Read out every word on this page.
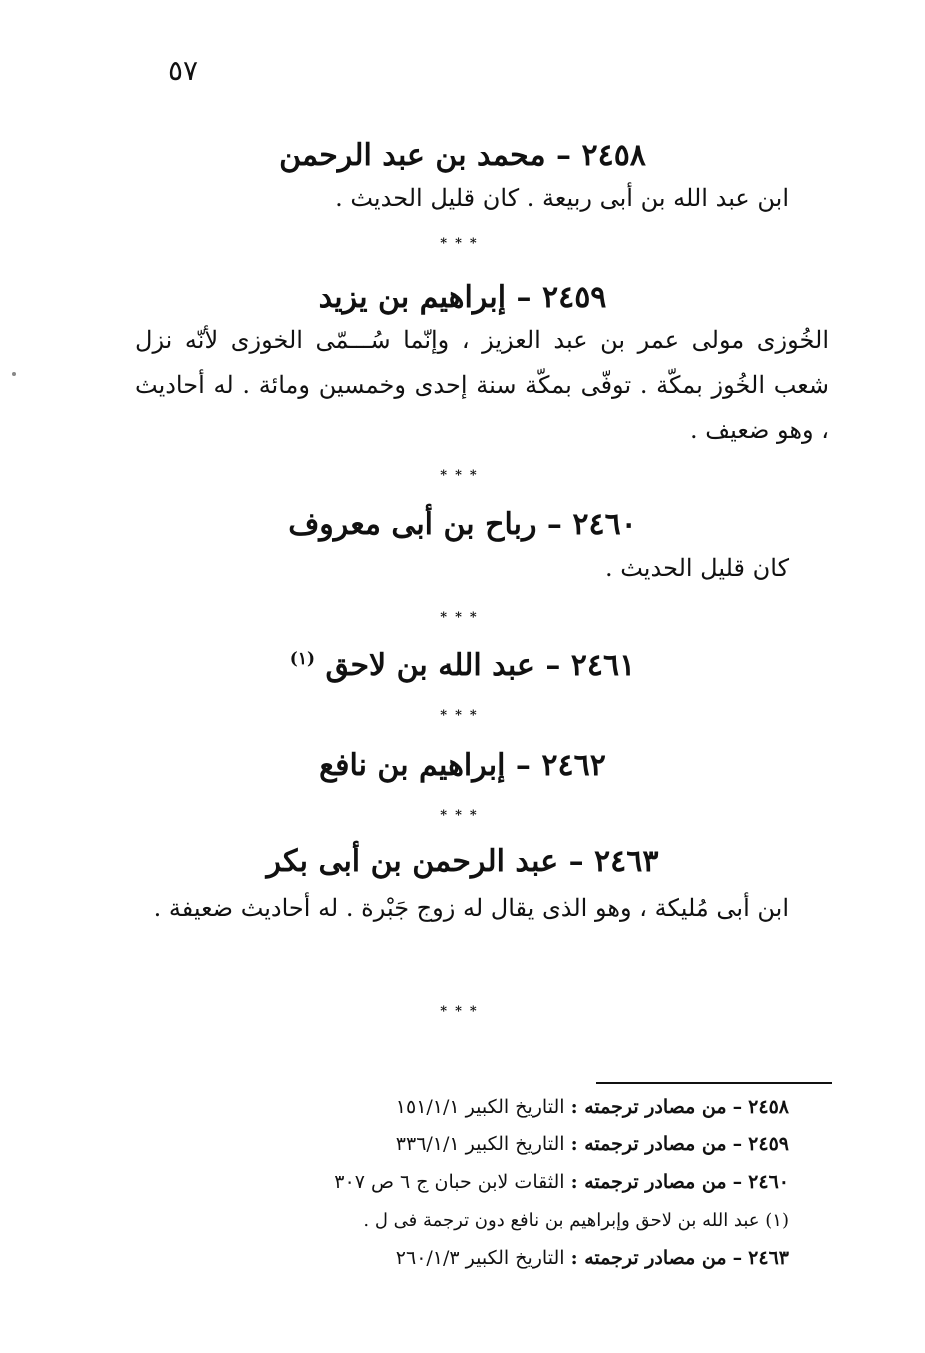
٥٧
٢٤٥٨ – محمد بن عبد الرحمن
ابن عبد الله بن أبى ربيعة . كان قليل الحديث .
***
٢٤٥٩ – إبراهيم بن يزيد
الخُوزى مولى عمر بن عبد العزيز ، وإنّما سُـــمّى الخوزى لأنّه نزل شعب الخُوز بمكّة . توفّى بمكّة سنة إحدى وخمسين ومائة . له أحاديث ، وهو ضعيف .
***
٢٤٦٠ – رباح بن أبى معروف
كان قليل الحديث .
***
٢٤٦١ – عبد الله بن لاحق $^{(١)}$
***
٢٤٦٢ – إبراهيم بن نافع
***
٢٤٦٣ – عبد الرحمن بن أبى بكر
ابن أبى مُليكة ، وهو الذى يقال له زوج جَبْرة . له أحاديث ضعيفة .
***
٢٤٥٨ – من مصادر ترجمته : التاريخ الكبير ١٥١/١/١
٢٤٥٩ – من مصادر ترجمته : التاريخ الكبير ٣٣٦/١/١
٢٤٦٠ – من مصادر ترجمته : الثقات لابن حبان ج ٦ ص ٣٠٧
(١) عبد الله بن لاحق وإبراهيم بن نافع دون ترجمة فى ل .
٢٤٦٣ – من مصادر ترجمته : التاريخ الكبير ٢٦٠/١/٣
